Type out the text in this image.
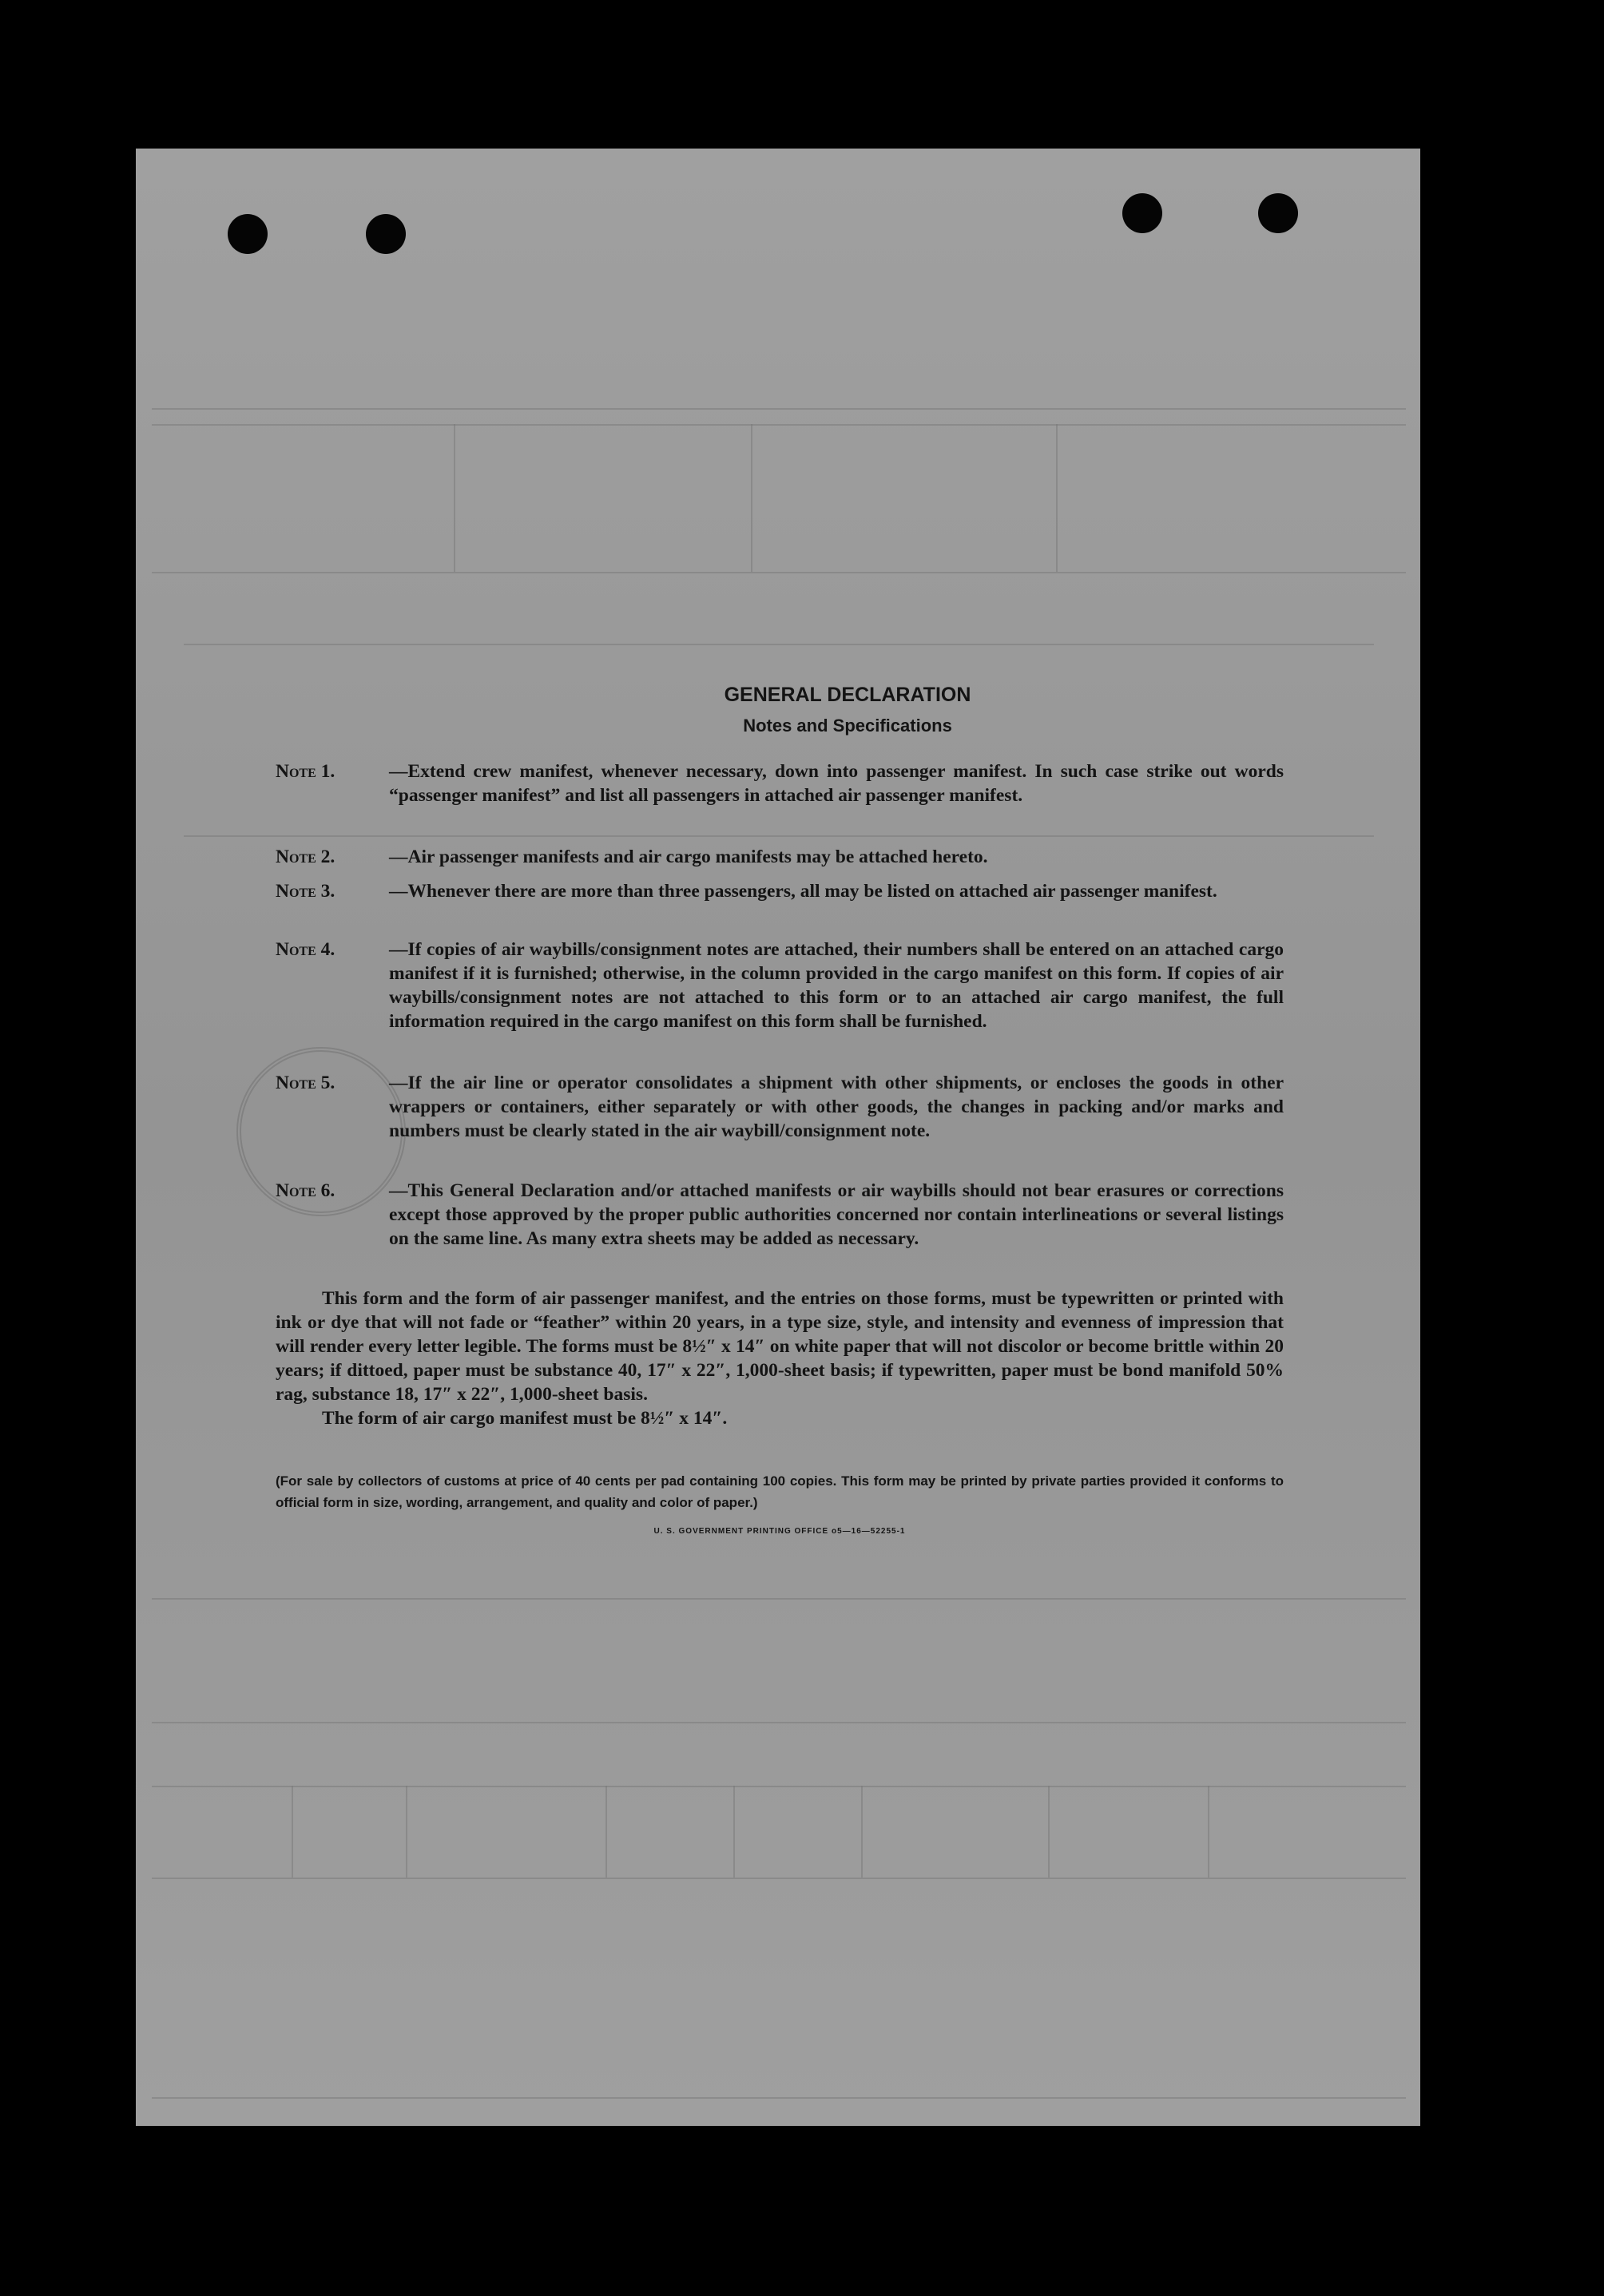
GENERAL DECLARATION
Notes and Specifications
Note 1.	—Extend crew manifest, whenever necessary, down into passenger manifest. In such case strike out words “passenger manifest” and list all passengers in attached air passenger manifest.
Note 2.	—Air passenger manifests and air cargo manifests may be attached hereto.
Note 3.	—Whenever there are more than three passengers, all may be listed on attached air passenger manifest.
Note 4.	—If copies of air waybills/consignment notes are attached, their numbers shall be entered on an attached cargo manifest if it is furnished; otherwise, in the column provided in the cargo manifest on this form. If copies of air waybills/consignment notes are not attached to this form or to an attached air cargo manifest, the full information required in the cargo manifest on this form shall be furnished.
Note 5.	—If the air line or operator consolidates a shipment with other shipments, or encloses the goods in other wrappers or containers, either separately or with other goods, the changes in packing and/or marks and numbers must be clearly stated in the air waybill/consignment note.
Note 6.	—This General Declaration and/or attached manifests or air waybills should not bear erasures or corrections except those approved by the proper public authorities concerned nor contain interlineations or several listings on the same line. As many extra sheets may be added as necessary.
This form and the form of air passenger manifest, and the entries on those forms, must be typewritten or printed with ink or dye that will not fade or “feather” within 20 years, in a type size, style, and intensity and evenness of impression that will render every letter legible. The forms must be 8½″ x 14″ on white paper that will not discolor or become brittle within 20 years; if dittoed, paper must be substance 40, 17″ x 22″, 1,000-sheet basis; if typewritten, paper must be bond manifold 50% rag, substance 18, 17″ x 22″, 1,000-sheet basis.
The form of air cargo manifest must be 8½″ x 14″.
(For sale by collectors of customs at price of 40 cents per pad containing 100 copies. This form may be printed by private parties provided it conforms to official form in size, wording, arrangement, and quality and color of paper.)
U. S. GOVERNMENT PRINTING OFFICE o5—16—52255-1
